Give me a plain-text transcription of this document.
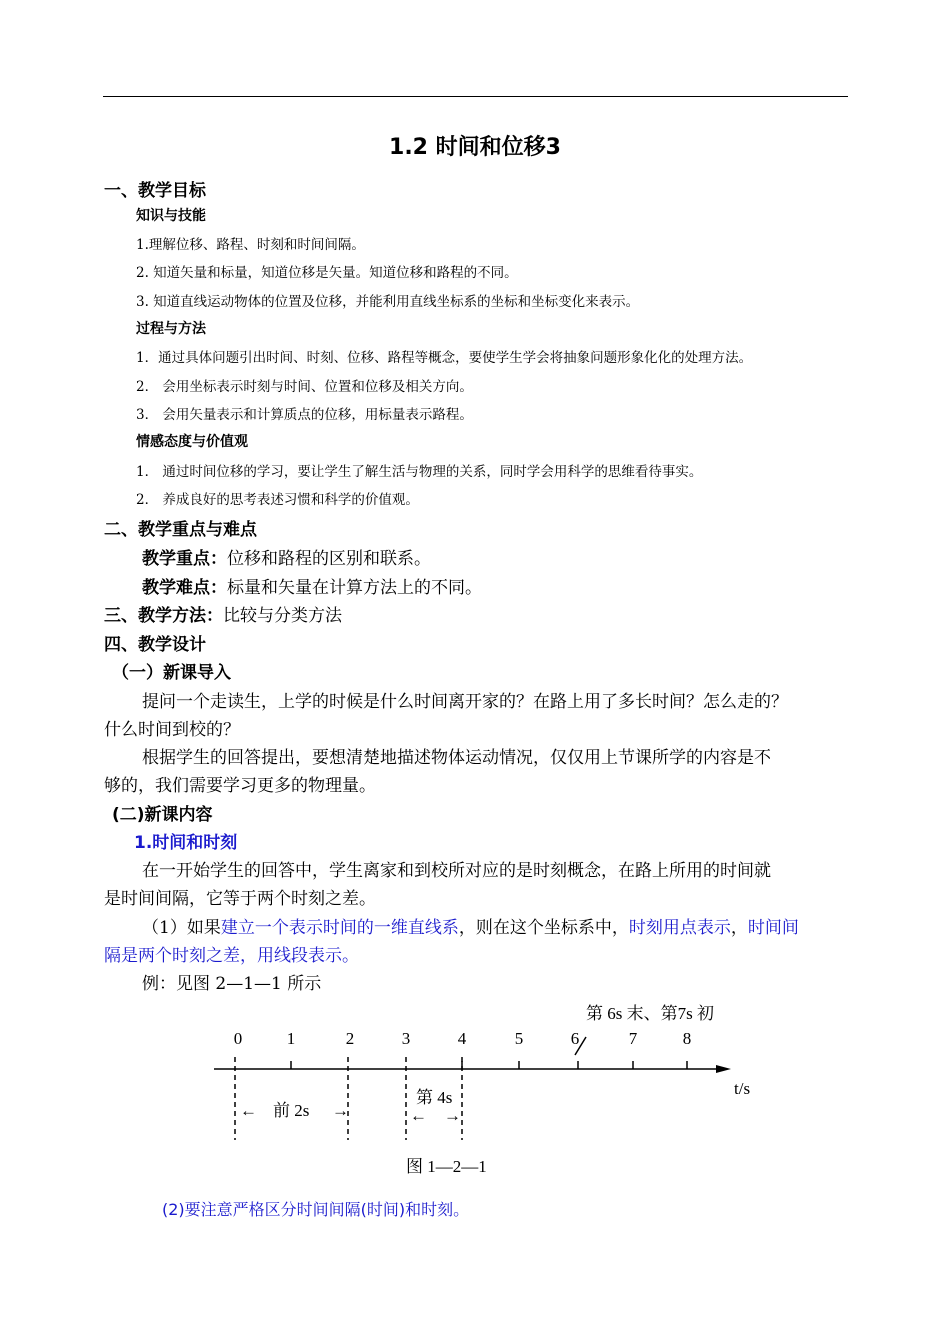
1.2 时间和位移3
一、教学目标
知识与技能
1.理解位移、路程、时刻和时间间隔。
2. 知道矢量和标量，知道位移是矢量。知道位移和路程的不同。
3. 知道直线运动物体的位置及位移，并能利用直线坐标系的坐标和坐标变化来表示。
过程与方法
1．通过具体问题引出时间、时刻、位移、路程等概念，要使学生学会将抽象问题形象化化的处理方法。
2． 会用坐标表示时刻与时间、位置和位移及相关方向。
3． 会用矢量表示和计算质点的位移，用标量表示路程。
情感态度与价值观
1． 通过时间位移的学习，要让学生了解生活与物理的关系，同时学会用科学的思维看待事实。
2． 养成良好的思考表述习惯和科学的价值观。
二、教学重点与难点
教学重点：位移和路程的区别和联系。
教学难点：标量和矢量在计算方法上的不同。
三、教学方法：比较与分类方法
四、教学设计
（一）新课导入
提问一个走读生，上学的时候是什么时间离开家的？在路上用了多长时间？怎么走的？
什么时间到校的？
根据学生的回答提出，要想清楚地描述物体运动情况，仅仅用上节课所学的内容是不
够的，我们需要学习更多的物理量。
(二)新课内容
1.时间和时刻
在一开始学生的回答中，学生离家和到校所对应的是时刻概念，在路上所用的时间就
是时间间隔，它等于两个时刻之差。
（1）如果建立一个表示时间的一维直线系，则在这个坐标系中，时刻用点表示，时间间
隔是两个时刻之差，用线段表示。
例：见图 2—1—1 所示
第 6s 末、第7s 初
0	1	2	3	4	5	6	7	8
← 前 2s →
第 4s
← →
t/s
图 1—2—1
(2)要注意严格区分时间间隔(时间)和时刻。
